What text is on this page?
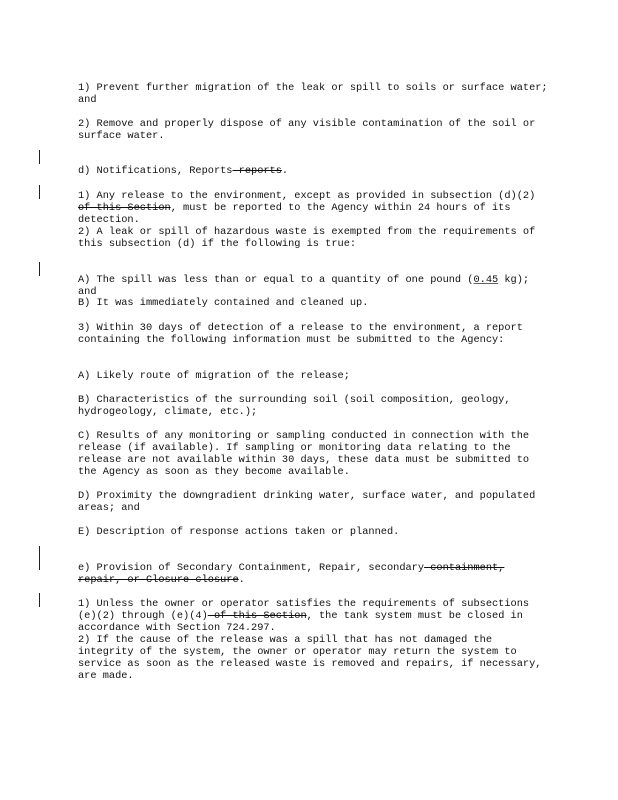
1) Prevent further migration of the leak or spill to soils or surface water; and
2) Remove and properly dispose of any visible contamination of the soil or surface water.

d) Notifications, Reports reports.

1) Any release to the environment, except as provided in subsection (d)(2) of this Section, must be reported to the Agency within 24 hours of its detection.

2) A leak or spill of hazardous waste is exempted from the requirements of this subsection (d) if the following is true:

A) The spill was less than or equal to a quantity of one pound (0.45 kg); and

B) It was immediately contained and cleaned up.
3) Within 30 days of detection of a release to the environment, a report containing the following information must be submitted to the Agency:
A) Likely route of migration of the release;
B) Characteristics of the surrounding soil (soil composition, geology, hydrogeology, climate, etc.);
C) Results of any monitoring or sampling conducted in connection with the release (if available). If sampling or monitoring data relating to the release are not available within 30 days, these data must be submitted to the Agency as soon as they become available.
D) Proximity the downgradient drinking water, surface water, and populated areas; and
E) Description of response actions taken or planned.

e) Provision of Secondary Containment, Repair, secondary containment, repair, or Closure closure.

1) Unless the owner or operator satisfies the requirements of subsections (e)(2) through (e)(4) of this Section, the tank system must be closed in accordance with Section 724.297.

2) If the cause of the release was a spill that has not damaged the integrity of the system, the owner or operator may return the system to service as soon as the released waste is removed and repairs, if necessary, are made.
